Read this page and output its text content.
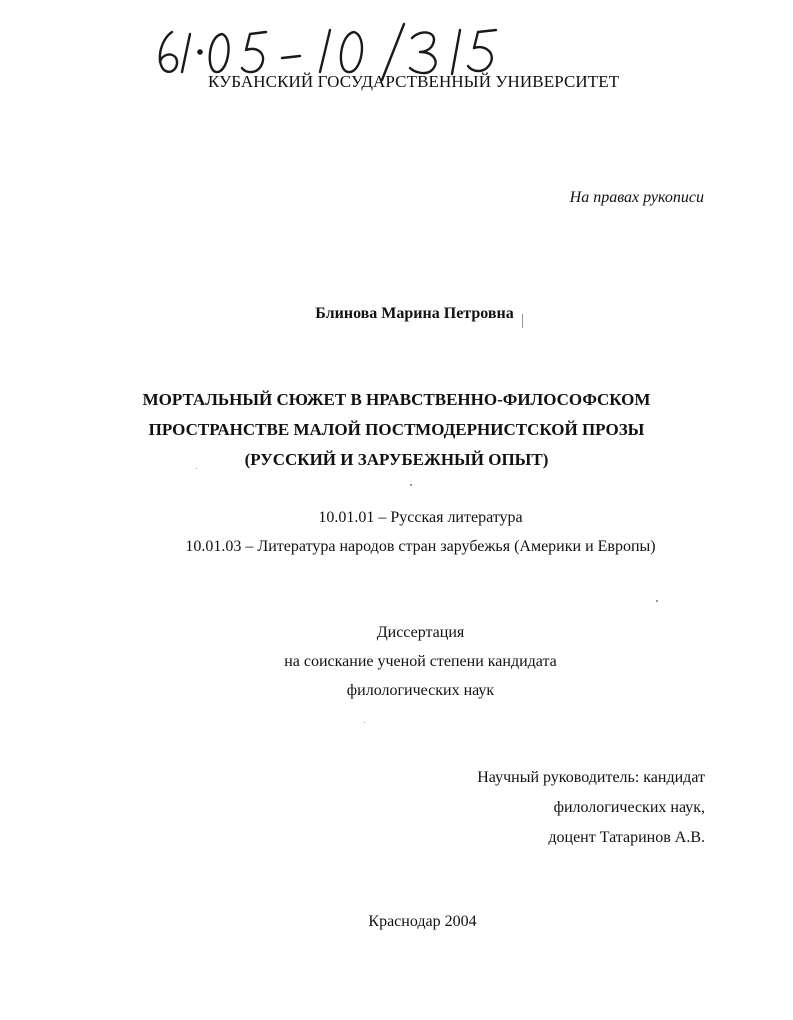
КУБАНСКИЙ ГОСУДАРСТВЕННЫЙ УНИВЕРСИТЕТ
На правах рукописи
Блинова Марина Петровна
МОРТАЛЬНЫЙ СЮЖЕТ В НРАВСТВЕННО-ФИЛОСОФСКОМ
ПРОСТРАНСТВЕ МАЛОЙ ПОСТМОДЕРНИСТСКОЙ ПРОЗЫ
(РУССКИЙ И ЗАРУБЕЖНЫЙ ОПЫТ)
10.01.01 – Русская литература
10.01.03 – Литература народов стран зарубежья (Америки и Европы)
Диссертация
на соискание ученой степени кандидата
филологических наук
Научный руководитель: кандидат
филологических наук,
доцент Татаринов А.В.
Краснодар 2004
